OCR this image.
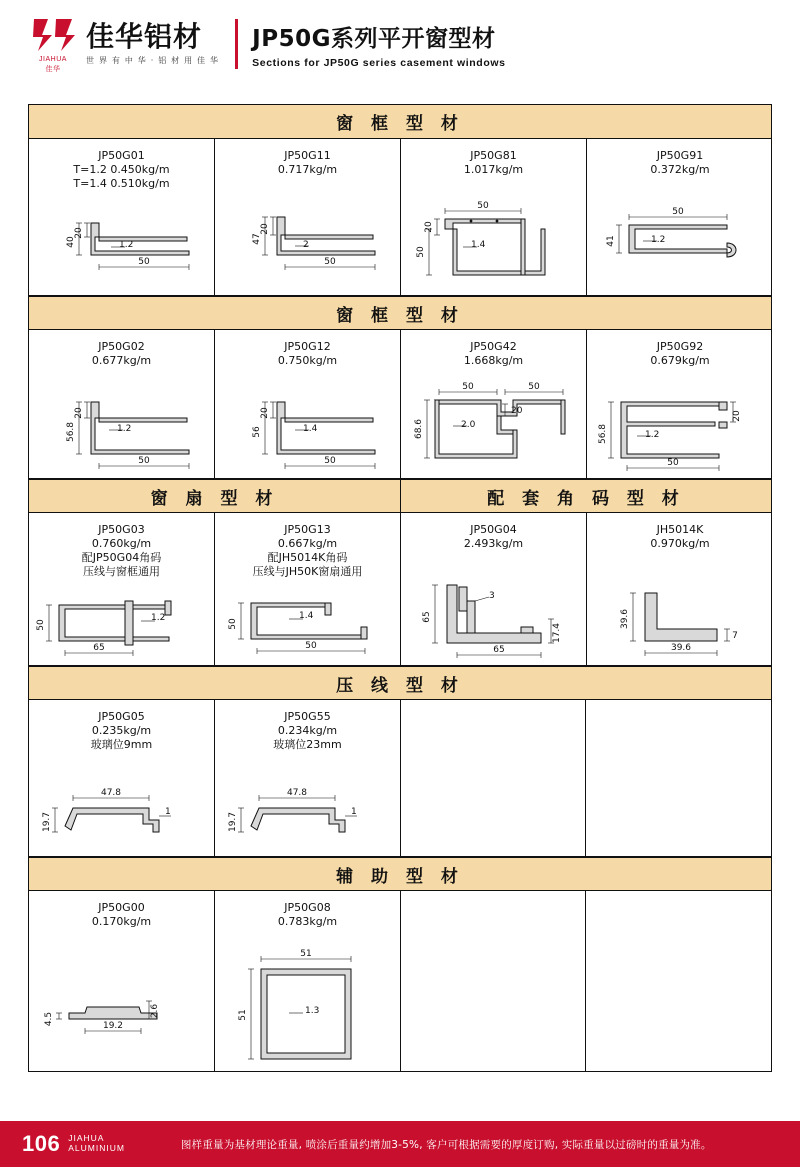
JIAHUA
佳华
佳华铝材
世 界 有 中 华 · 铝 材 用 佳 华
JP50G系列平开窗型材
Sections for JP50G series casement windows
窗 框 型 材
JP50G01
T=1.2 0.450kg/m
T=1.4 0.510kg/m
40
20
1.2
50
JP50G11
0.717kg/m
47
20
2
50
JP50G81
1.017kg/m
50
20
50
1.4
JP50G91
0.372kg/m
50
41	1.2
窗 框 型 材
JP50G02
0.677kg/m
56.8
20
1.2
50
JP50G12
0.750kg/m
56
20
1.4
50
JP50G42
1.668kg/m
50	50
20
68.6	2.0
JP50G92
0.679kg/m
56.8
20
1.2
50
窗 扇 型 材	配 套 角 码 型 材
JP50G03
0.760kg/m
配JP50G04角码
压线与窗框通用
50
1.2
65
JP50G13
0.667kg/m
配JH5014K角码
压线与JH50K窗扇通用
50
1.4
50
JP50G04
2.493kg/m
65
3
17.4
65
JH5014K
0.970kg/m
39.6
39.6
7
压 线 型 材
JP50G05
0.235kg/m
玻璃位9mm
47.8
19.7	1
JP50G55
0.234kg/m
玻璃位23mm
47.8
19.7	1
辅 助 型 材
JP50G00
0.170kg/m
2.6
4.5	19.2
JP50G08
0.783kg/m
51
51	1.3
106 JIAHUA
ALUMINIUM	图样重量为基材理论重量, 喷涂后重量约增加3-5%, 客户可根据需要的厚度订购, 实际重量以过磅时的重量为准。
